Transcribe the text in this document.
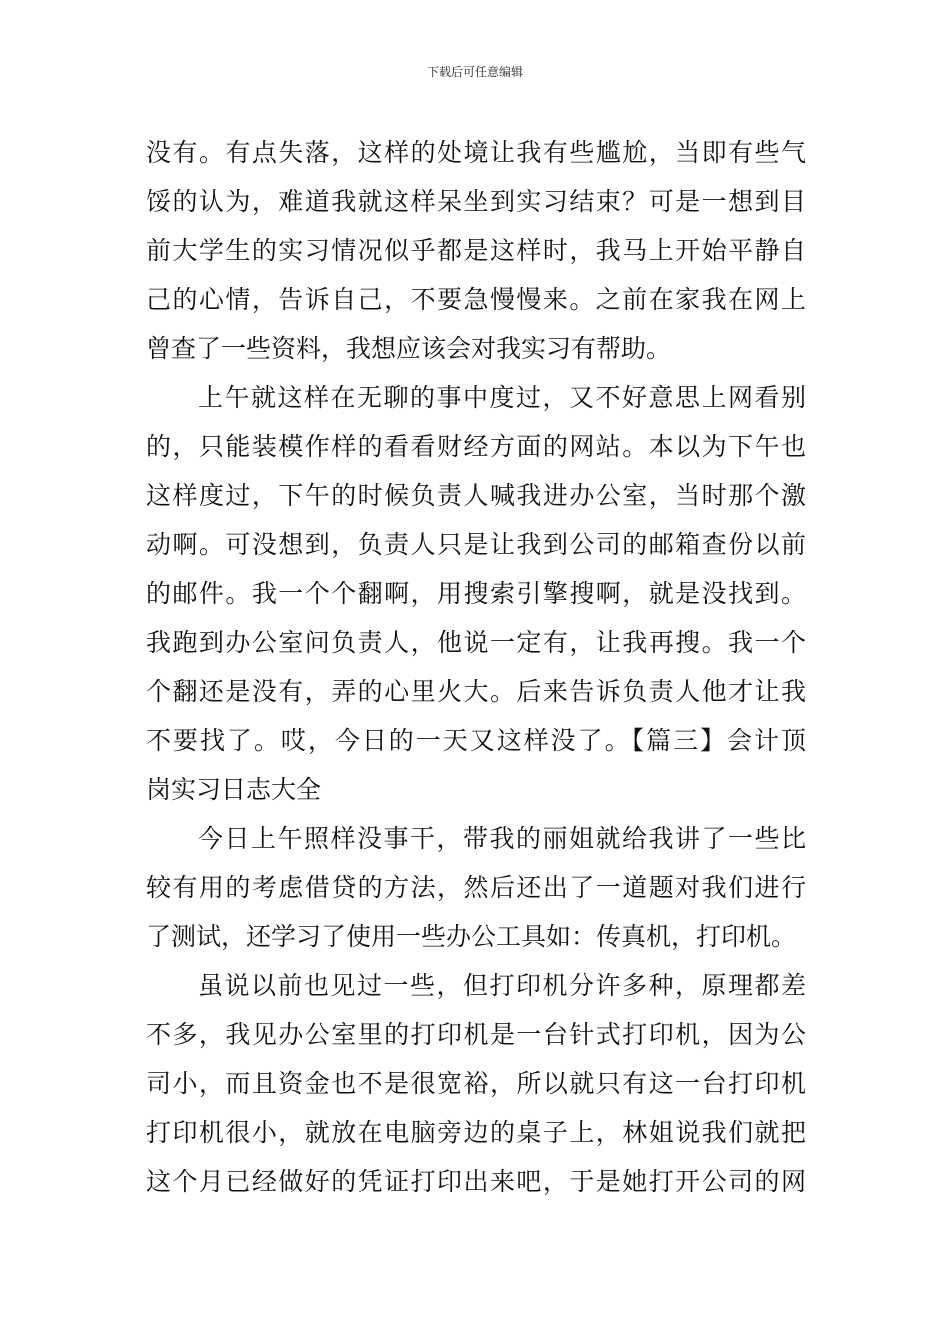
下载后可任意编辑
没有。有点失落，这样的处境让我有些尴尬，当即有些气
馁的认为，难道我就这样呆坐到实习结束？可是一想到目
前大学生的实习情况似乎都是这样时，我马上开始平静自
己的心情，告诉自己，不要急慢慢来。之前在家我在网上
曾查了一些资料，我想应该会对我实习有帮助。
上午就这样在无聊的事中度过，又不好意思上网看别
的，只能装模作样的看看财经方面的网站。本以为下午也
这样度过，下午的时候负责人喊我进办公室，当时那个激
动啊。可没想到，负责人只是让我到公司的邮箱查份以前
的邮件。我一个个翻啊，用搜索引擎搜啊，就是没找到。
我跑到办公室问负责人，他说一定有，让我再搜。我一个
个翻还是没有，弄的心里火大。后来告诉负责人他才让我
不要找了。哎，今日的一天又这样没了。【篇三】会计顶
岗实习日志大全
今日上午照样没事干，带我的丽姐就给我讲了一些比
较有用的考虑借贷的方法，然后还出了一道题对我们进行
了测试，还学习了使用一些办公工具如：传真机，打印机。
虽说以前也见过一些，但打印机分许多种，原理都差
不多，我见办公室里的打印机是一台针式打印机，因为公
司小，而且资金也不是很宽裕，所以就只有这一台打印机
打印机很小，就放在电脑旁边的桌子上，林姐说我们就把
这个月已经做好的凭证打印出来吧，于是她打开公司的网
